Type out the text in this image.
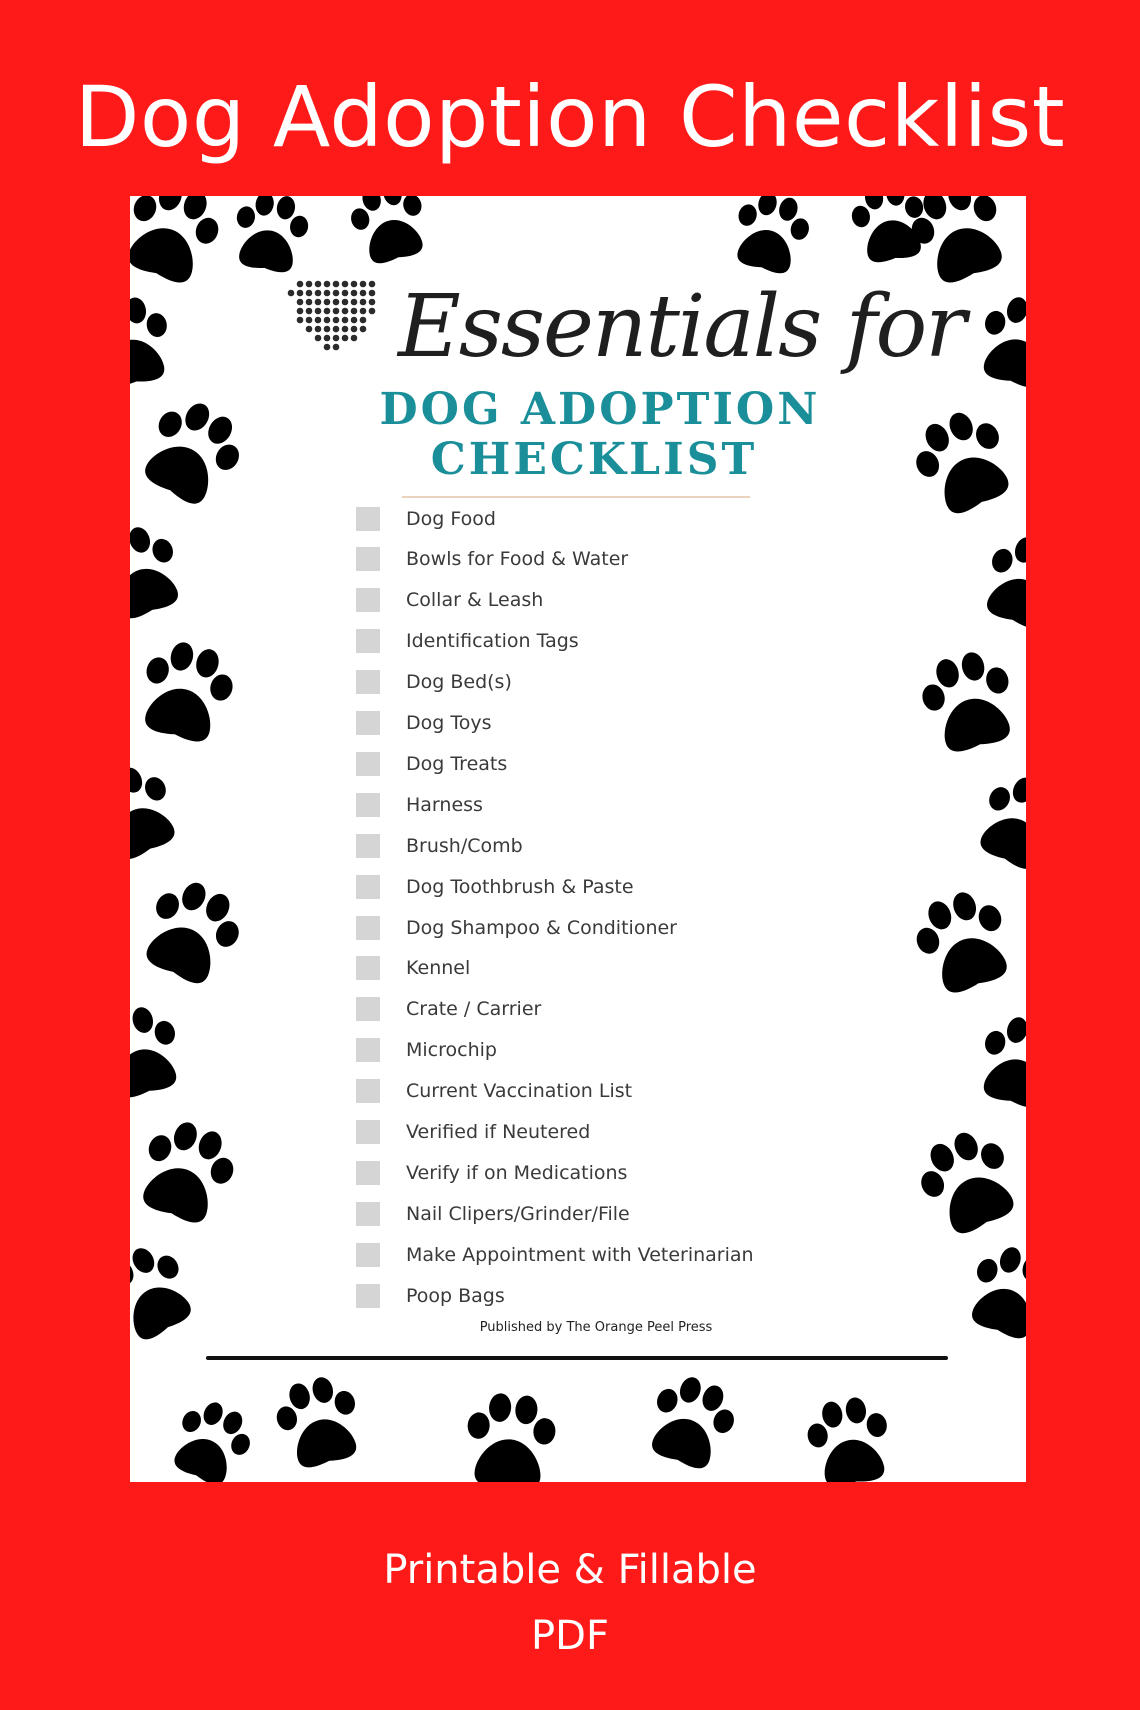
Dog Adoption Checklist
Essentials for
DOG ADOPTION
CHECKLIST
Dog Food
Bowls for Food & Water
Collar & Leash
Identification Tags
Dog Bed(s)
Dog Toys
Dog Treats
Harness
Brush/Comb
Dog Toothbrush & Paste
Dog Shampoo & Conditioner
Kennel
Crate / Carrier
Microchip
Current Vaccination List
Verified if Neutered
Verify if on Medications
Nail Clipers/Grinder/File
Make Appointment with Veterinarian
Poop Bags
Published by The Orange Peel Press
Printable & Fillable
PDF
